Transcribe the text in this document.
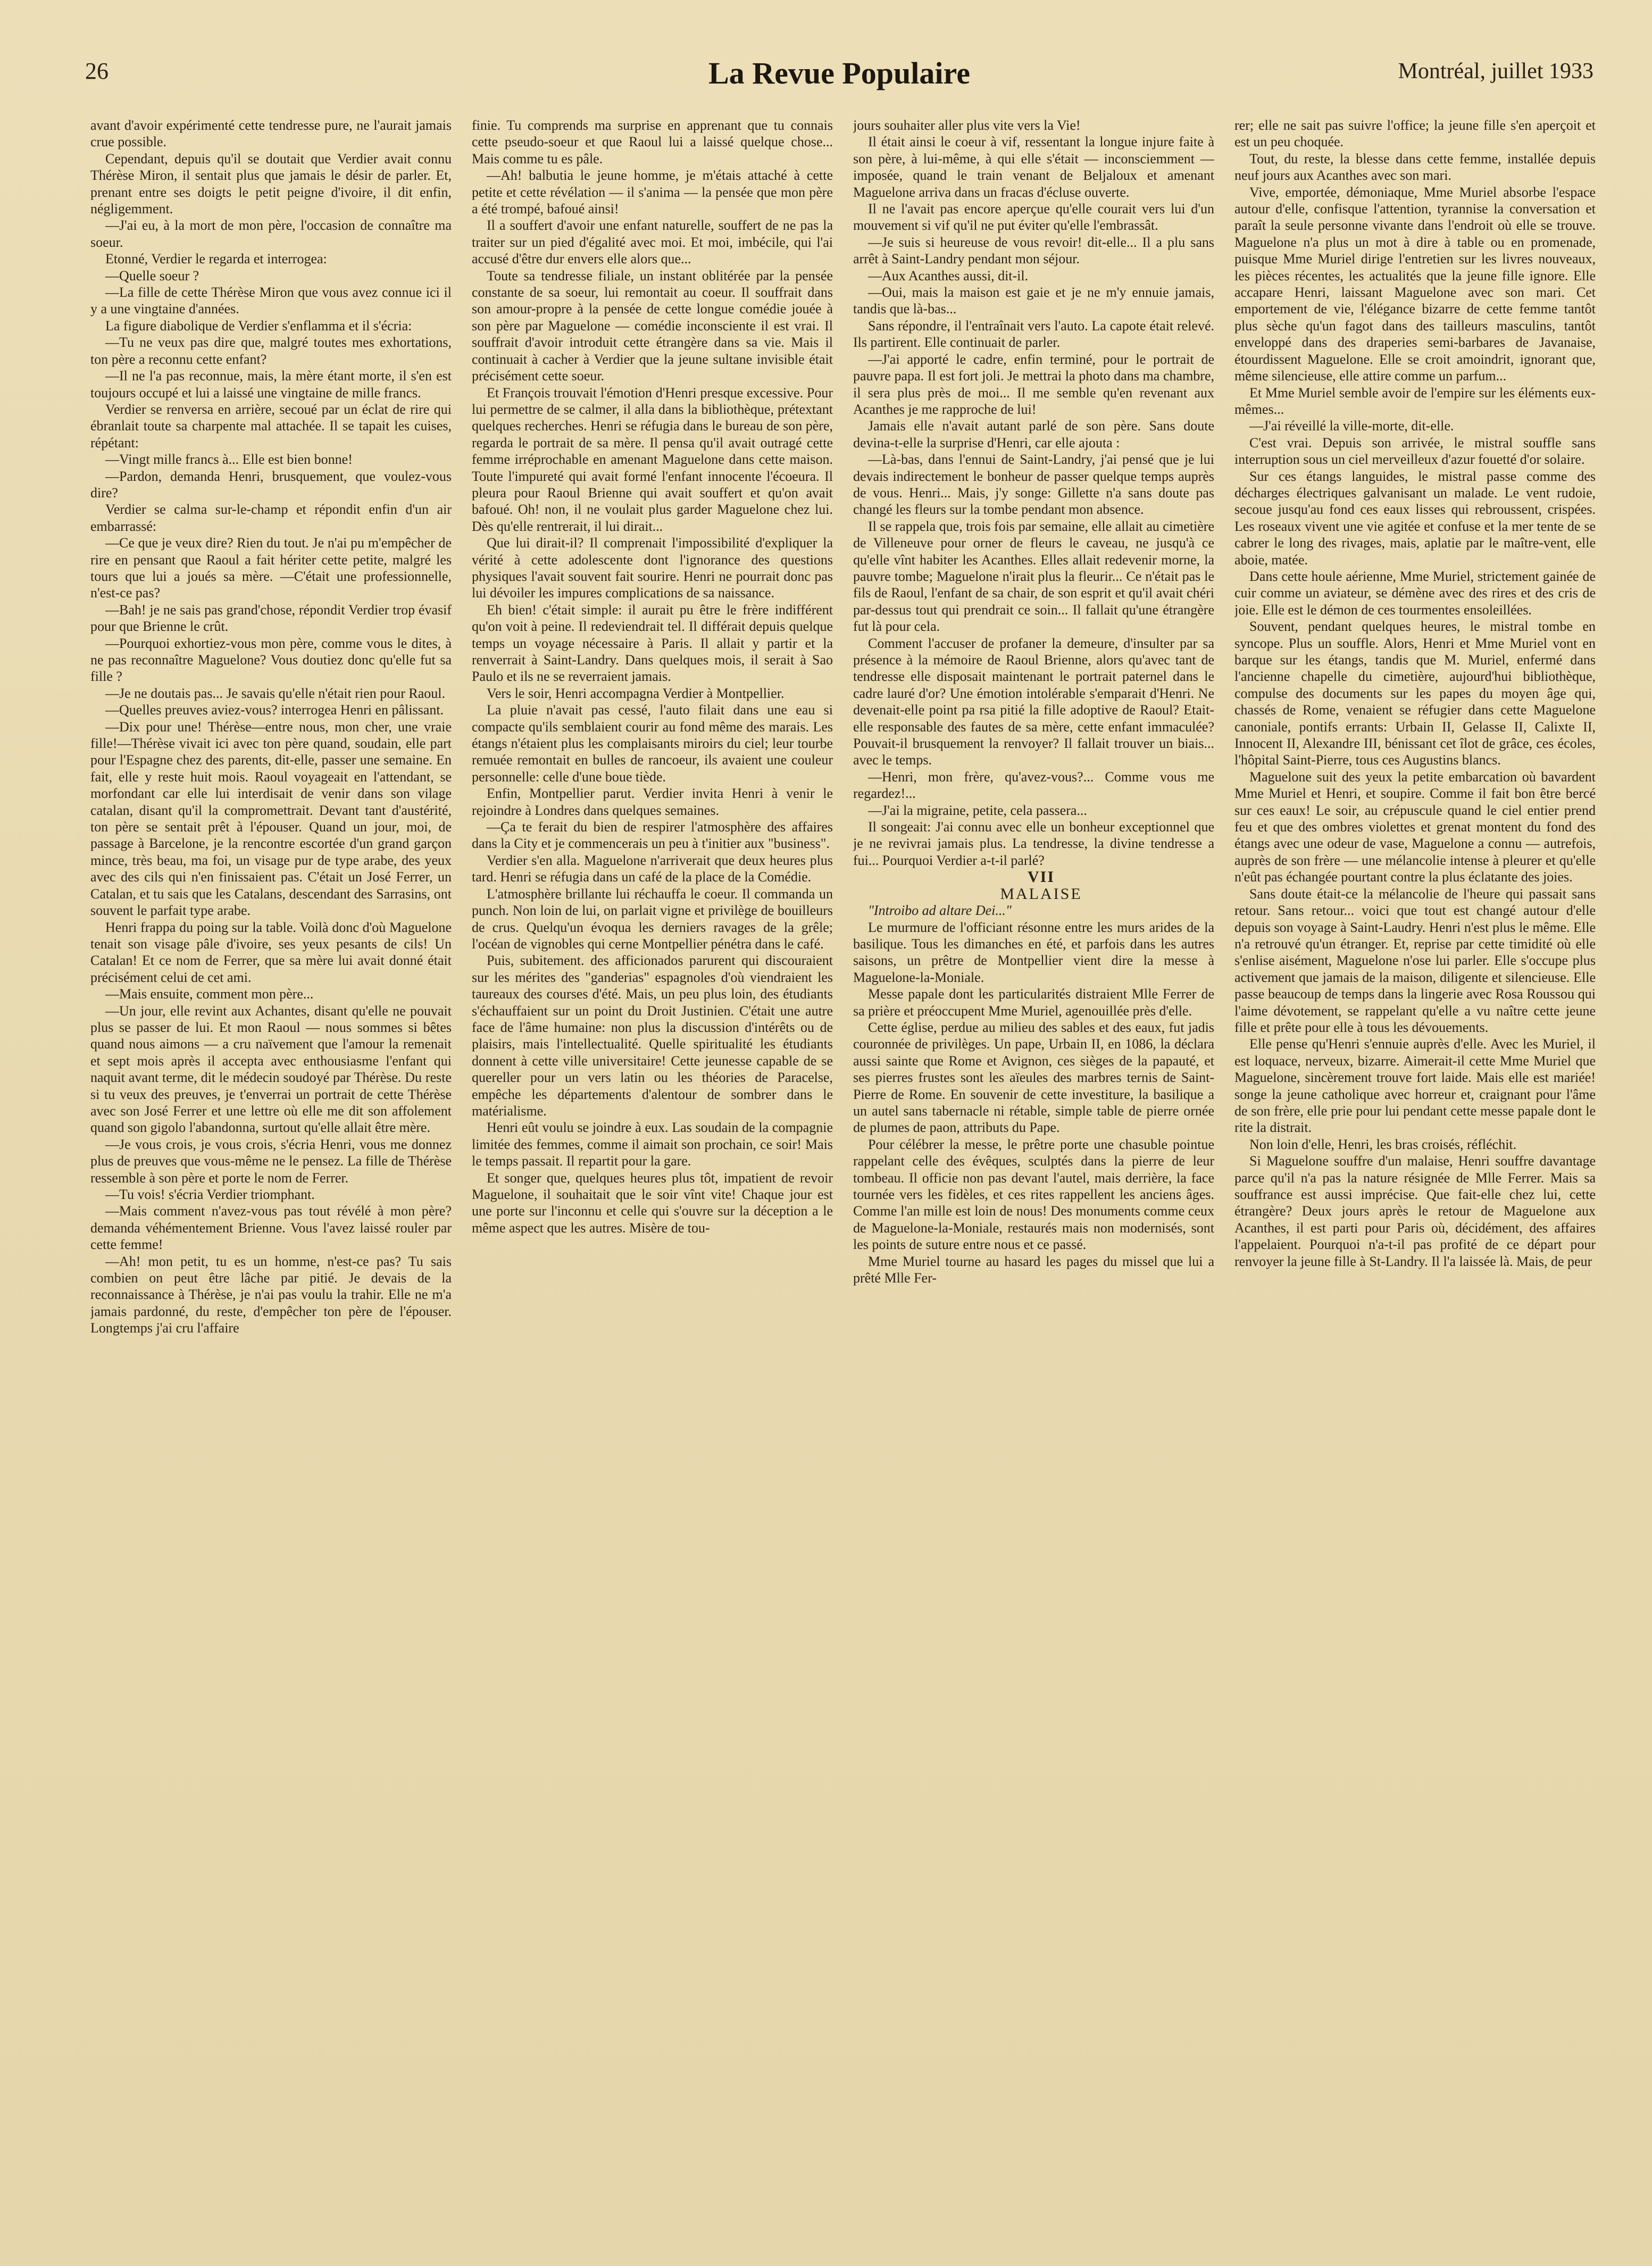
26	La Revue Populaire	Montréal, juillet 1933

avant d'avoir expérimenté cette tendresse pure, ne l'aurait jamais crue possible.

Cependant, depuis qu'il se doutait que Verdier avait connu Thérèse Miron, il sentait plus que jamais le désir de parler. Et, prenant entre ses doigts le petit peigne d'ivoire, il dit enfin, négligemment.

—J'ai eu, à la mort de mon père, l'occasion de connaître ma soeur.

Etonné, Verdier le regarda et interrogea:

—Quelle soeur ?

—La fille de cette Thérèse Miron que vous avez connue ici il y a une vingtaine d'années.

La figure diabolique de Verdier s'enflamma et il s'écria:

—Tu ne veux pas dire que, malgré toutes mes exhortations, ton père a reconnu cette enfant?

—Il ne l'a pas reconnue, mais, la mère étant morte, il s'en est toujours occupé et lui a laissé une vingtaine de mille francs.

Verdier se renversa en arrière, secoué par un éclat de rire qui ébranlait toute sa charpente mal attachée. Il se tapait les cuises, répétant:

—Vingt mille francs à... Elle est bien bonne!

—Pardon, demanda Henri, brusquement, que voulez-vous dire?

Verdier se calma sur-le-champ et répondit enfin d'un air embarrassé:

—Ce que je veux dire? Rien du tout. Je n'ai pu m'empêcher de rire en pensant que Raoul a fait hériter cette petite, malgré les tours que lui a joués sa mère. —C'était une professionnelle, n'est-ce pas?

—Bah! je ne sais pas grand'chose, répondit Verdier trop évasif pour que Brienne le crût.

—Pourquoi exhortiez-vous mon père, comme vous le dites, à ne pas reconnaître Maguelone? Vous doutiez donc qu'elle fut sa fille ?

—Je ne doutais pas... Je savais qu'elle n'était rien pour Raoul.

—Quelles preuves aviez-vous? interrogea Henri en pâlissant.

—Dix pour une! Thérèse—entre nous, mon cher, une vraie fille!—Thérèse vivait ici avec ton père quand, soudain, elle part pour l'Espagne chez des parents, dit-elle, passer une semaine. En fait, elle y reste huit mois. Raoul voyageait en l'attendant, se morfondant car elle lui interdisait de venir dans son vilage catalan, disant qu'il la compromettrait. Devant tant d'austérité, ton père se sentait prêt à l'épouser. Quand un jour, moi, de passage à Barcelone, je la rencontre escortée d'un grand garçon mince, très beau, ma foi, un visage pur de type arabe, des yeux avec des cils qui n'en finissaient pas. C'était un José Ferrer, un Catalan, et tu sais que les Catalans, descendant des Sarrasins, ont souvent le parfait type arabe.

Henri frappa du poing sur la table. Voilà donc d'où Maguelone tenait son visage pâle d'ivoire, ses yeux pesants de cils! Un Catalan! Et ce nom de Ferrer, que sa mère lui avait donné était précisément celui de cet ami.

—Mais ensuite, comment mon père...

—Un jour, elle revint aux Achantes, disant qu'elle ne pouvait plus se passer de lui. Et mon Raoul — nous sommes si bêtes quand nous aimons — a cru naïvement que l'amour la remenait et sept mois après il accepta avec enthousiasme l'enfant qui naquit avant terme, dit le médecin soudoyé par Thérèse. Du reste si tu veux des preuves, je t'enverrai un portrait de cette Thérèse avec son José Ferrer et une lettre où elle me dit son affolement quand son gigolo l'abandonna, surtout qu'elle allait être mère.

—Je vous crois, je vous crois, s'écria Henri, vous me donnez plus de preuves que vous-même ne le pensez. La fille de Thérèse ressemble à son père et porte le nom de Ferrer.

—Tu vois! s'écria Verdier triomphant.

—Mais comment n'avez-vous pas tout révélé à mon père? demanda véhémentement Brienne. Vous l'avez laissé rouler par cette femme!

—Ah! mon petit, tu es un homme, n'est-ce pas? Tu sais combien on peut être lâche par pitié. Je devais de la reconnaissance à Thérèse, je n'ai pas voulu la trahir. Elle ne m'a jamais pardonné, du reste, d'empêcher ton père de l'épouser. Longtemps j'ai cru l'affaire

finie. Tu comprends ma surprise en apprenant que tu connais cette pseudo-soeur et que Raoul lui a laissé quelque chose... Mais comme tu es pâle.

—Ah! balbutia le jeune homme, je m'étais attaché à cette petite et cette révélation — il s'anima — la pensée que mon père a été trompé, bafoué ainsi!

Il a souffert d'avoir une enfant naturelle, souffert de ne pas la traiter sur un pied d'égalité avec moi. Et moi, imbécile, qui l'ai accusé d'être dur envers elle alors que...

Toute sa tendresse filiale, un instant oblitérée par la pensée constante de sa soeur, lui remontait au coeur. Il souffrait dans son amour-propre à la pensée de cette longue comédie jouée à son père par Maguelone — comédie inconsciente il est vrai. Il souffrait d'avoir introduit cette étrangère dans sa vie. Mais il continuait à cacher à Verdier que la jeune sultane invisible était précisément cette soeur.

Et François trouvait l'émotion d'Henri presque excessive. Pour lui permettre de se calmer, il alla dans la bibliothèque, prétextant quelques recherches. Henri se réfugia dans le bureau de son père, regarda le portrait de sa mère. Il pensa qu'il avait outragé cette femme irréprochable en amenant Maguelone dans cette maison. Toute l'impureté qui avait formé l'enfant innocente l'écoeura. Il pleura pour Raoul Brienne qui avait souffert et qu'on avait bafoué. Oh! non, il ne voulait plus garder Maguelone chez lui. Dès qu'elle rentrerait, il lui dirait...

Que lui dirait-il? Il comprenait l'impossibilité d'expliquer la vérité à cette adolescente dont l'ignorance des questions physiques l'avait souvent fait sourire. Henri ne pourrait donc pas lui dévoiler les impures complications de sa naissance.

Eh bien! c'était simple: il aurait pu être le frère indifférent qu'on voit à peine. Il redeviendrait tel. Il différait depuis quelque temps un voyage nécessaire à Paris. Il allait y partir et la renverrait à Saint-Landry. Dans quelques mois, il serait à Sao Paulo et ils ne se reverraient jamais.

Vers le soir, Henri accompagna Verdier à Montpellier.

La pluie n'avait pas cessé, l'auto filait dans une eau si compacte qu'ils semblaient courir au fond même des marais. Les étangs n'étaient plus les complaisants miroirs du ciel; leur tourbe remuée remontait en bulles de rancoeur, ils avaient une couleur personnelle: celle d'une boue tiède.

Enfin, Montpellier parut. Verdier invita Henri à venir le rejoindre à Londres dans quelques semaines.

—Ça te ferait du bien de respirer l'atmosphère des affaires dans la City et je commencerais un peu à t'initier aux "business".

Verdier s'en alla. Maguelone n'arriverait que deux heures plus tard. Henri se réfugia dans un café de la place de la Comédie.

L'atmosphère brillante lui réchauffa le coeur. Il commanda un punch. Non loin de lui, on parlait vigne et privilège de bouilleurs de crus. Quelqu'un évoqua les derniers ravages de la grêle; l'océan de vignobles qui cerne Montpellier pénétra dans le café.

Puis, subitement. des afficionados parurent qui discouraient sur les mérites des "ganderias" espagnoles d'où viendraient les taureaux des courses d'été. Mais, un peu plus loin, des étudiants s'échauffaient sur un point du Droit Justinien. C'était une autre face de l'âme humaine: non plus la discussion d'intérêts ou de plaisirs, mais l'intellectualité. Quelle spiritualité les étudiants donnent à cette ville universitaire! Cette jeunesse capable de se quereller pour un vers latin ou les théories de Paracelse, empêche les départements d'alentour de sombrer dans le matérialisme.

Henri eût voulu se joindre à eux. Las soudain de la compagnie limitée des femmes, comme il aimait son prochain, ce soir! Mais le temps passait. Il repartit pour la gare.

Et songer que, quelques heures plus tôt, impatient de revoir Maguelone, il souhaitait que le soir vînt vite! Chaque jour est une porte sur l'inconnu et celle qui s'ouvre sur la déception a le même aspect que les autres. Misère de tou-

jours souhaiter aller plus vite vers la Vie!

Il était ainsi le coeur à vif, ressentant la longue injure faite à son père, à lui-même, à qui elle s'était — inconsciemment — imposée, quand le train venant de Beljaloux et amenant Maguelone arriva dans un fracas d'écluse ouverte.

Il ne l'avait pas encore aperçue qu'elle courait vers lui d'un mouvement si vif qu'il ne put éviter qu'elle l'embrassât.

—Je suis si heureuse de vous revoir! dit-elle... Il a plu sans arrêt à Saint-Landry pendant mon séjour.

—Aux Acanthes aussi, dit-il.

—Oui, mais la maison est gaie et je ne m'y ennuie jamais, tandis que là-bas...

Sans répondre, il l'entraînait vers l'auto. La capote était relevé. Ils partirent. Elle continuait de parler.

—J'ai apporté le cadre, enfin terminé, pour le portrait de pauvre papa. Il est fort joli. Je mettrai la photo dans ma chambre, il sera plus près de moi... Il me semble qu'en revenant aux Acanthes je me rapproche de lui!

Jamais elle n'avait autant parlé de son père. Sans doute devina-t-elle la surprise d'Henri, car elle ajouta :

—Là-bas, dans l'ennui de Saint-Landry, j'ai pensé que je lui devais indirectement le bonheur de passer quelque temps auprès de vous. Henri... Mais, j'y songe: Gillette n'a sans doute pas changé les fleurs sur la tombe pendant mon absence.

Il se rappela que, trois fois par semaine, elle allait au cimetière de Villeneuve pour orner de fleurs le caveau, ne jusqu'à ce qu'elle vînt habiter les Acanthes. Elles allait redevenir morne, la pauvre tombe; Maguelone n'irait plus la fleurir... Ce n'était pas le fils de Raoul, l'enfant de sa chair, de son esprit et qu'il avait chéri par-dessus tout qui prendrait ce soin... Il fallait qu'une étrangère fut là pour cela.

Comment l'accuser de profaner la demeure, d'insulter par sa présence à la mémoire de Raoul Brienne, alors qu'avec tant de tendresse elle disposait maintenant le portrait paternel dans le cadre lauré d'or? Une émotion intolérable s'emparait d'Henri. Ne devenait-elle point pa rsa pitié la fille adoptive de Raoul? Etait-elle responsable des fautes de sa mère, cette enfant immaculée? Pouvait-il brusquement la renvoyer? Il fallait trouver un biais... avec le temps.

—Henri, mon frère, qu'avez-vous?... Comme vous me regardez!...

—J'ai la migraine, petite, cela passera...

Il songeait: J'ai connu avec elle un bonheur exceptionnel que je ne revivrai jamais plus. La tendresse, la divine tendresse a fui... Pourquoi Verdier a-t-il parlé?

VII

MALAISE

"Introibo ad altare Dei..."

Le murmure de l'officiant résonne entre les murs arides de la basilique. Tous les dimanches en été, et parfois dans les autres saisons, un prêtre de Montpellier vient dire la messe à Maguelone-la-Moniale.

Messe papale dont les particularités distraient Mlle Ferrer de sa prière et préoccupent Mme Muriel, agenouillée près d'elle.

Cette église, perdue au milieu des sables et des eaux, fut jadis couronnée de privilèges. Un pape, Urbain II, en 1086, la déclara aussi sainte que Rome et Avignon, ces sièges de la papauté, et ses pierres frustes sont les aïeules des marbres ternis de Saint-Pierre de Rome. En souvenir de cette investiture, la basilique a un autel sans tabernacle ni rétable, simple table de pierre ornée de plumes de paon, attributs du Pape.

Pour célébrer la messe, le prêtre porte une chasuble pointue rappelant celle des évêques, sculptés dans la pierre de leur tombeau. Il officie non pas devant l'autel, mais derrière, la face tournée vers les fidèles, et ces rites rappellent les anciens âges. Comme l'an mille est loin de nous! Des monuments comme ceux de Maguelone-la-Moniale, restaurés mais non modernisés, sont les points de suture entre nous et ce passé.

Mme Muriel tourne au hasard les pages du missel que lui a prêté Mlle Fer-

rer; elle ne sait pas suivre l'office; la jeune fille s'en aperçoit et est un peu choquée.

Tout, du reste, la blesse dans cette femme, installée depuis neuf jours aux Acanthes avec son mari.

Vive, emportée, démoniaque, Mme Muriel absorbe l'espace autour d'elle, confisque l'attention, tyrannise la conversation et paraît la seule personne vivante dans l'endroit où elle se trouve. Maguelone n'a plus un mot à dire à table ou en promenade, puisque Mme Muriel dirige l'entretien sur les livres nouveaux, les pièces récentes, les actualités que la jeune fille ignore. Elle accapare Henri, laissant Maguelone avec son mari. Cet emportement de vie, l'élégance bizarre de cette femme tantôt plus sèche qu'un fagot dans des tailleurs masculins, tantôt enveloppé dans des draperies semi-barbares de Javanaise, étourdissent Maguelone. Elle se croit amoindrit, ignorant que, même silencieuse, elle attire comme un parfum...

Et Mme Muriel semble avoir de l'empire sur les éléments eux-mêmes...

—J'ai réveillé la ville-morte, dit-elle.

C'est vrai. Depuis son arrivée, le mistral souffle sans interruption sous un ciel merveilleux d'azur fouetté d'or solaire.

Sur ces étangs languides, le mistral passe comme des décharges électriques galvanisant un malade. Le vent rudoie, secoue jusqu'au fond ces eaux lisses qui rebroussent, crispées. Les roseaux vivent une vie agitée et confuse et la mer tente de se cabrer le long des rivages, mais, aplatie par le maître-vent, elle aboie, matée.

Dans cette houle aérienne, Mme Muriel, strictement gainée de cuir comme un aviateur, se démène avec des rires et des cris de joie. Elle est le démon de ces tourmentes ensoleillées.

Souvent, pendant quelques heures, le mistral tombe en syncope. Plus un souffle. Alors, Henri et Mme Muriel vont en barque sur les étangs, tandis que M. Muriel, enfermé dans l'ancienne chapelle du cimetière, aujourd'hui bibliothèque, compulse des documents sur les papes du moyen âge qui, chassés de Rome, venaient se réfugier dans cette Maguelone canoniale, pontifs errants: Urbain II, Gelasse II, Calixte II, Innocent II, Alexandre III, bénissant cet îlot de grâce, ces écoles, l'hôpital Saint-Pierre, tous ces Augustins blancs.

Maguelone suit des yeux la petite embarcation où bavardent Mme Muriel et Henri, et soupire. Comme il fait bon être bercé sur ces eaux! Le soir, au crépuscule quand le ciel entier prend feu et que des ombres violettes et grenat montent du fond des étangs avec une odeur de vase, Maguelone a connu — autrefois, auprès de son frère — une mélancolie intense à pleurer et qu'elle n'eût pas échangée pourtant contre la plus éclatante des joies.

Sans doute était-ce la mélancolie de l'heure qui passait sans retour. Sans retour... voici que tout est changé autour d'elle depuis son voyage à Saint-Laudry. Henri n'est plus le même. Elle n'a retrouvé qu'un étranger. Et, reprise par cette timidité où elle s'enlise aisément, Maguelone n'ose lui parler. Elle s'occupe plus activement que jamais de la maison, diligente et silencieuse. Elle passe beaucoup de temps dans la lingerie avec Rosa Roussou qui l'aime dévotement, se rappelant qu'elle a vu naître cette jeune fille et prête pour elle à tous les dévouements.

Elle pense qu'Henri s'ennuie auprès d'elle. Avec les Muriel, il est loquace, nerveux, bizarre. Aimerait-il cette Mme Muriel que Maguelone, sincèrement trouve fort laide. Mais elle est mariée! songe la jeune catholique avec horreur et, craignant pour l'âme de son frère, elle prie pour lui pendant cette messe papale dont le rite la distrait.

Non loin d'elle, Henri, les bras croisés, réfléchit.

Si Maguelone souffre d'un malaise, Henri souffre davantage parce qu'il n'a pas la nature résignée de Mlle Ferrer. Mais sa souffrance est aussi imprécise. Que fait-elle chez lui, cette étrangère? Deux jours après le retour de Maguelone aux Acanthes, il est parti pour Paris où, décidément, des affaires l'appelaient. Pourquoi n'a-t-il pas profité de ce départ pour renvoyer la jeune fille à St-Landry. Il l'a laissée là. Mais, de peur
